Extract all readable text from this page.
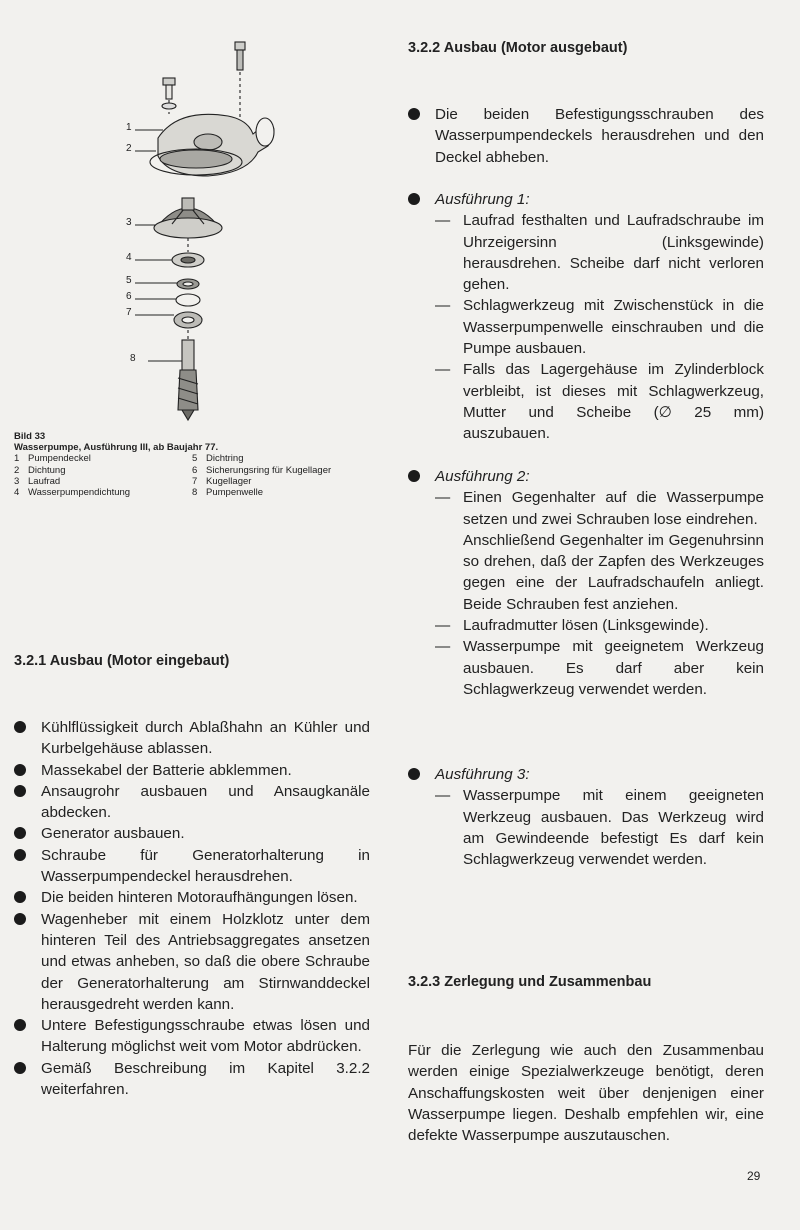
1
2
3
4
5
6
7
8
Bild 33
Wasserpumpe, Ausführung III, ab Baujahr 77.
1 Pumpendeckel	5 Dichtring
2 Dichtung	6 Sicherungsring für Kugellager
3 Laufrad	7 Kugellager
4 Wasserpumpendichtung	8 Pumpenwelle
3.2.1 Ausbau (Motor eingebaut)
Kühlflüssigkeit durch Ablaßhahn an Kühler und Kurbelgehäuse ablassen.
Massekabel der Batterie abklemmen.
Ansaugrohr ausbauen und Ansaugkanäle abdecken.
Generator ausbauen.
Schraube für Generatorhalterung in Wasserpumpendeckel herausdrehen.
Die beiden hinteren Motoraufhängungen lösen.
Wagenheber mit einem Holzklotz unter dem hinteren Teil des Antriebsaggregates ansetzen und etwas anheben, so daß die obere Schraube der Generatorhalterung am Stirnwanddeckel herausgedreht werden kann.
Untere Befestigungsschraube etwas lösen und Halterung möglichst weit vom Motor abdrücken.
Gemäß Beschreibung im Kapitel 3.2.2 weiterfahren.
3.2.2 Ausbau (Motor ausgebaut)
Die beiden Befestigungsschrauben des Wasserpumpendeckels herausdrehen und den Deckel abheben.
Ausführung 1:
— Laufrad festhalten und Laufradschraube im Uhrzeigersinn (Linksgewinde) herausdrehen. Scheibe darf nicht verloren gehen.
— Schlagwerkzeug mit Zwischenstück in die Wasserpumpenwelle einschrauben und die Pumpe ausbauen.
— Falls das Lagergehäuse im Zylinderblock verbleibt, ist dieses mit Schlagwerkzeug, Mutter und Scheibe (∅ 25 mm) auszubauen.
Ausführung 2:
— Einen Gegenhalter auf die Wasserpumpe setzen und zwei Schrauben lose eindrehen.
Anschließend Gegenhalter im Gegenuhrsinn so drehen, daß der Zapfen des Werkzeuges gegen eine der Laufradschaufeln anliegt. Beide Schrauben fest anziehen.
— Laufradmutter lösen (Linksgewinde).
— Wasserpumpe mit geeignetem Werkzeug ausbauen. Es darf aber kein Schlagwerkzeug verwendet werden.
Ausführung 3:
— Wasserpumpe mit einem geeigneten Werkzeug ausbauen. Das Werkzeug wird am Gewindeende befestigt Es darf kein Schlagwerkzeug verwendet werden.
3.2.3 Zerlegung und Zusammenbau
Für die Zerlegung wie auch den Zusammenbau werden einige Spezialwerkzeuge benötigt, deren Anschaffungskosten weit über denjenigen einer Wasserpumpe liegen. Deshalb empfehlen wir, eine defekte Wasserpumpe auszutauschen.
29
